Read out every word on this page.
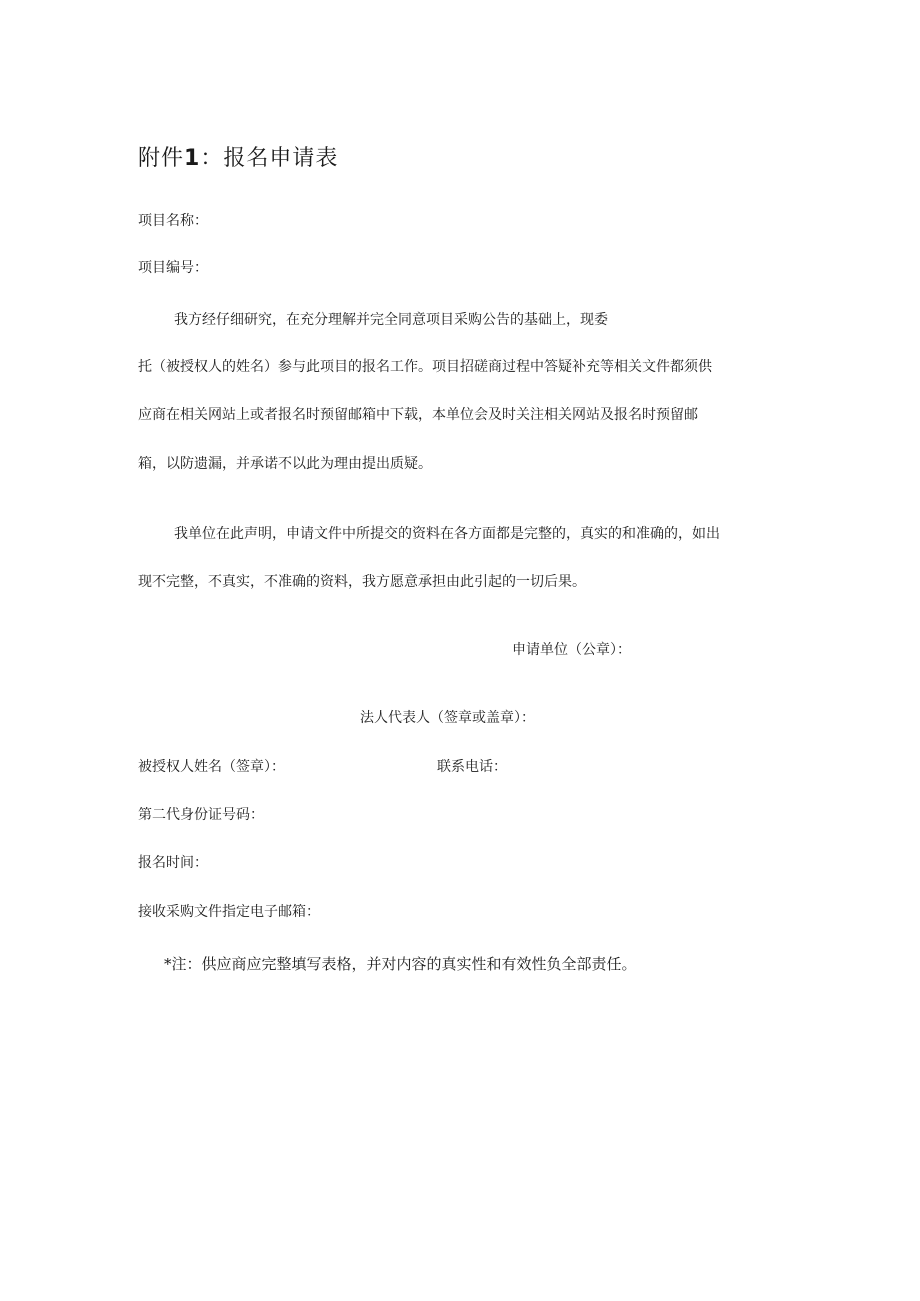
附件1：报名申请表
项目名称：
项目编号：
我方经仔细研究，在充分理解并完全同意项目采购公告的基础上，现委
托（被授权人的姓名）参与此项目的报名工作。项目招磋商过程中答疑补充等相关文件都须供
应商在相关网站上或者报名时预留邮箱中下载，本单位会及时关注相关网站及报名时预留邮
箱，以防遗漏，并承诺不以此为理由提出质疑。
我单位在此声明，申请文件中所提交的资料在各方面都是完整的，真实的和准确的，如出
现不完整，不真实，不准确的资料，我方愿意承担由此引起的一切后果。
申请单位（公章）：
法人代表人（签章或盖章）：
被授权人姓名（签章）：	联系电话：
第二代身份证号码：
报名时间：
接收采购文件指定电子邮箱：
*注：供应商应完整填写表格，并对内容的真实性和有效性负全部责任。
